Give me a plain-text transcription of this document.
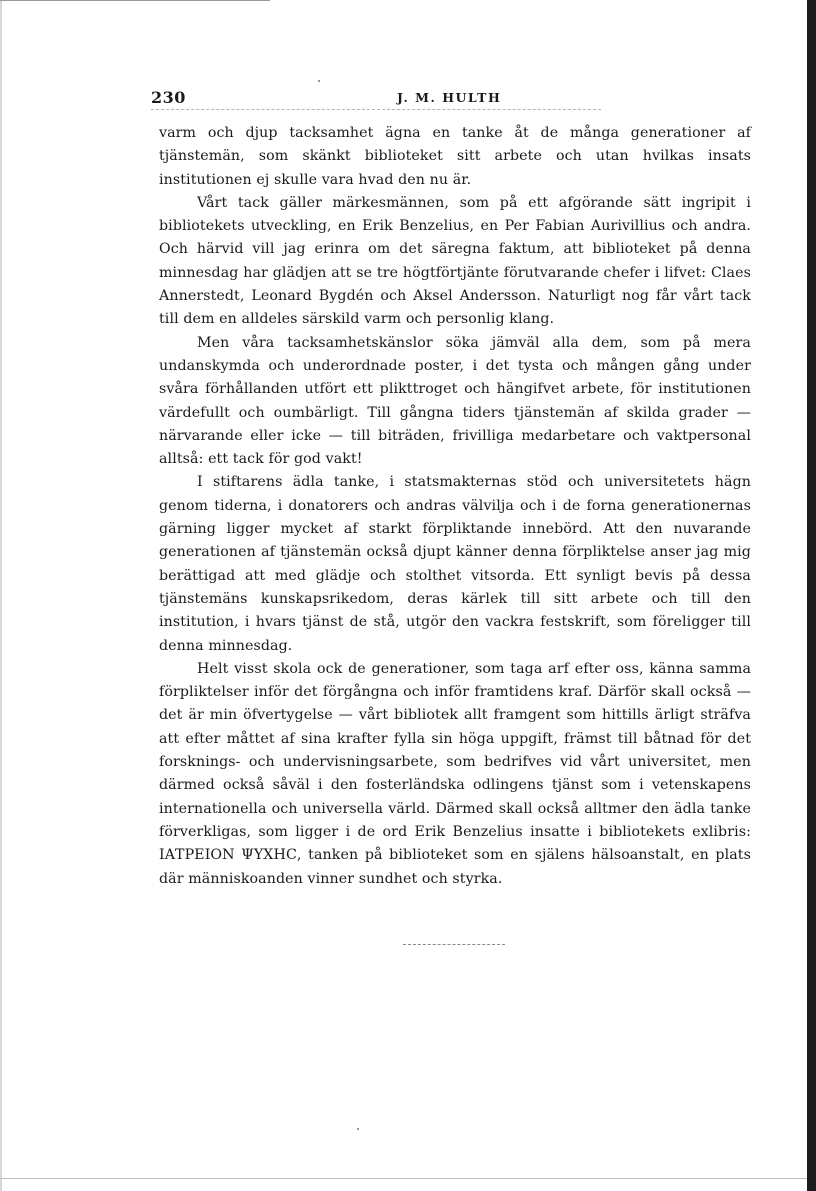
230	J. M. HULTH

varm och djup tacksamhet ägna en tanke åt de många generationer af tjänstemän, som skänkt biblioteket sitt arbete och utan hvilkas insats institutionen ej skulle vara hvad den nu är.

Vårt tack gäller märkesmännen, som på ett afgörande sätt ingripit i bibliotekets utveckling, en Erik Benzelius, en Per Fabian Aurivillius och andra. Och härvid vill jag erinra om det säregna faktum, att biblioteket på denna minnesdag har glädjen att se tre högtförtjänte förutvarande chefer i lifvet: Claes Annerstedt, Leonard Bygdén och Aksel Andersson. Naturligt nog får vårt tack till dem en alldeles särskild varm och personlig klang.

Men våra tacksamhetskänslor söka jämväl alla dem, som på mera undanskymda och underordnade poster, i det tysta och mången gång under svåra förhållanden utfört ett plikttroget och hängifvet arbete, för institutionen värdefullt och oumbärligt. Till gångna tiders tjänstemän af skilda grader — närvarande eller icke — till biträden, frivilliga medarbetare och vaktpersonal alltså: ett tack för god vakt!

I stiftarens ädla tanke, i statsmakternas stöd och universitetets hägn genom tiderna, i donatorers och andras välvilja och i de forna generationernas gärning ligger mycket af starkt förpliktande innebörd. Att den nuvarande generationen af tjänstemän också djupt känner denna förpliktelse anser jag mig berättigad att med glädje och stolthet vitsorda. Ett synligt bevis på dessa tjänstemäns kunskapsrikedom, deras kärlek till sitt arbete och till den institution, i hvars tjänst de stå, utgör den vackra festskrift, som föreligger till denna minnesdag.

Helt visst skola ock de generationer, som taga arf efter oss, känna samma förpliktelser inför det förgångna och inför framtidens kraf. Därför skall också — det är min öfvertygelse — vårt bibliotek allt framgent som hittills ärligt sträfva att efter måttet af sina krafter fylla sin höga uppgift, främst till båtnad för det forsknings- och undervisningsarbete, som bedrifves vid vårt universitet, men därmed också såväl i den fosterländska odlingens tjänst som i vetenskapens internationella och universella värld. Därmed skall också alltmer den ädla tanke förverkligas, som ligger i de ord Erik Benzelius insatte i bibliotekets exlibris: ΙΑΤΡΕΙΟΝ ΨΥΧΗϹ, tanken på biblioteket som en själens hälsoanstalt, en plats där människoanden vinner sundhet och styrka.
